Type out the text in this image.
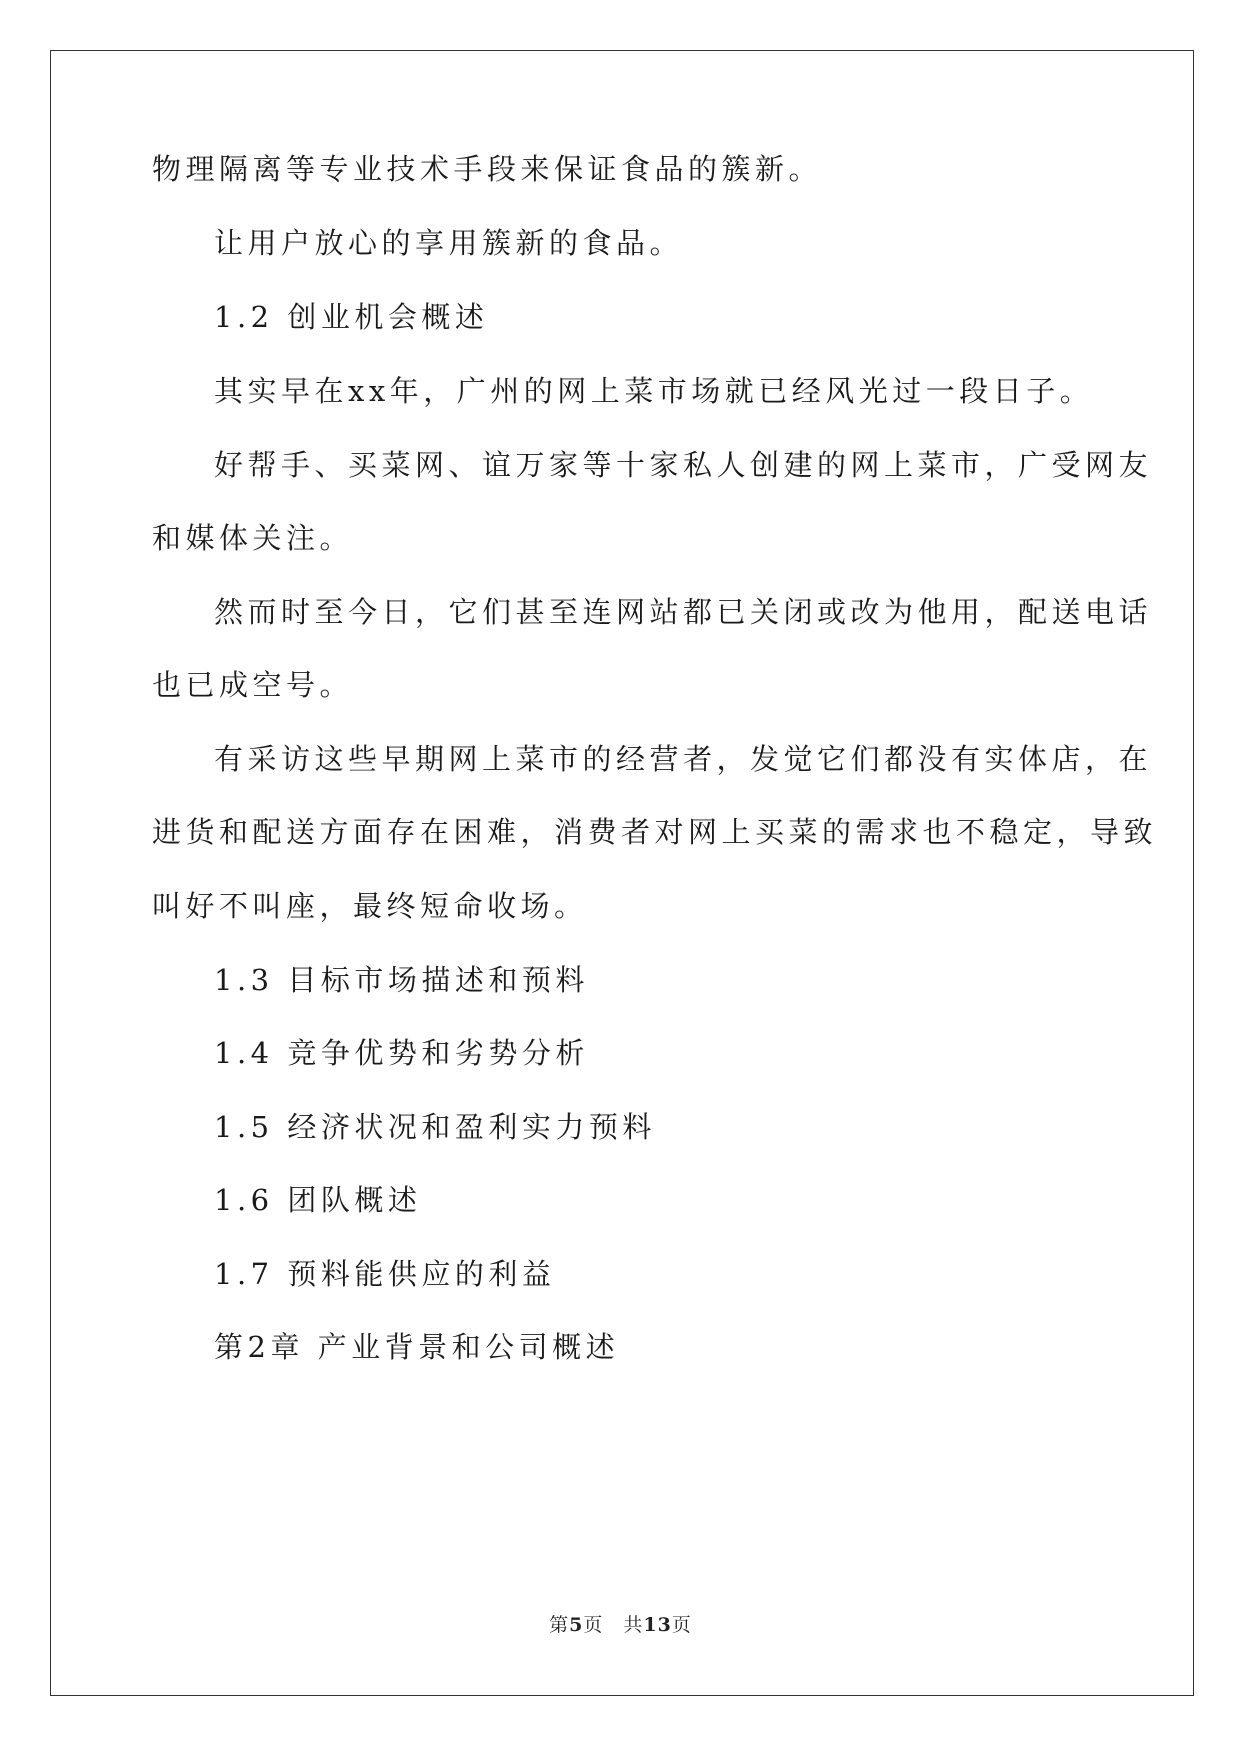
物理隔离等专业技术手段来保证食品的簇新。
让用户放心的享用簇新的食品。
1.2 创业机会概述
其实早在xx年，广州的网上菜市场就已经风光过一段日子。
好帮手、买菜网、谊万家等十家私人创建的网上菜市，广受网友
和媒体关注。
然而时至今日，它们甚至连网站都已关闭或改为他用，配送电话
也已成空号。
有采访这些早期网上菜市的经营者，发觉它们都没有实体店，在
进货和配送方面存在困难，消费者对网上买菜的需求也不稳定，导致
叫好不叫座，最终短命收场。
1.3 目标市场描述和预料
1.4 竞争优势和劣势分析
1.5 经济状况和盈利实力预料
1.6 团队概述
1.7 预料能供应的利益
第2章 产业背景和公司概述
第5页　共13页
